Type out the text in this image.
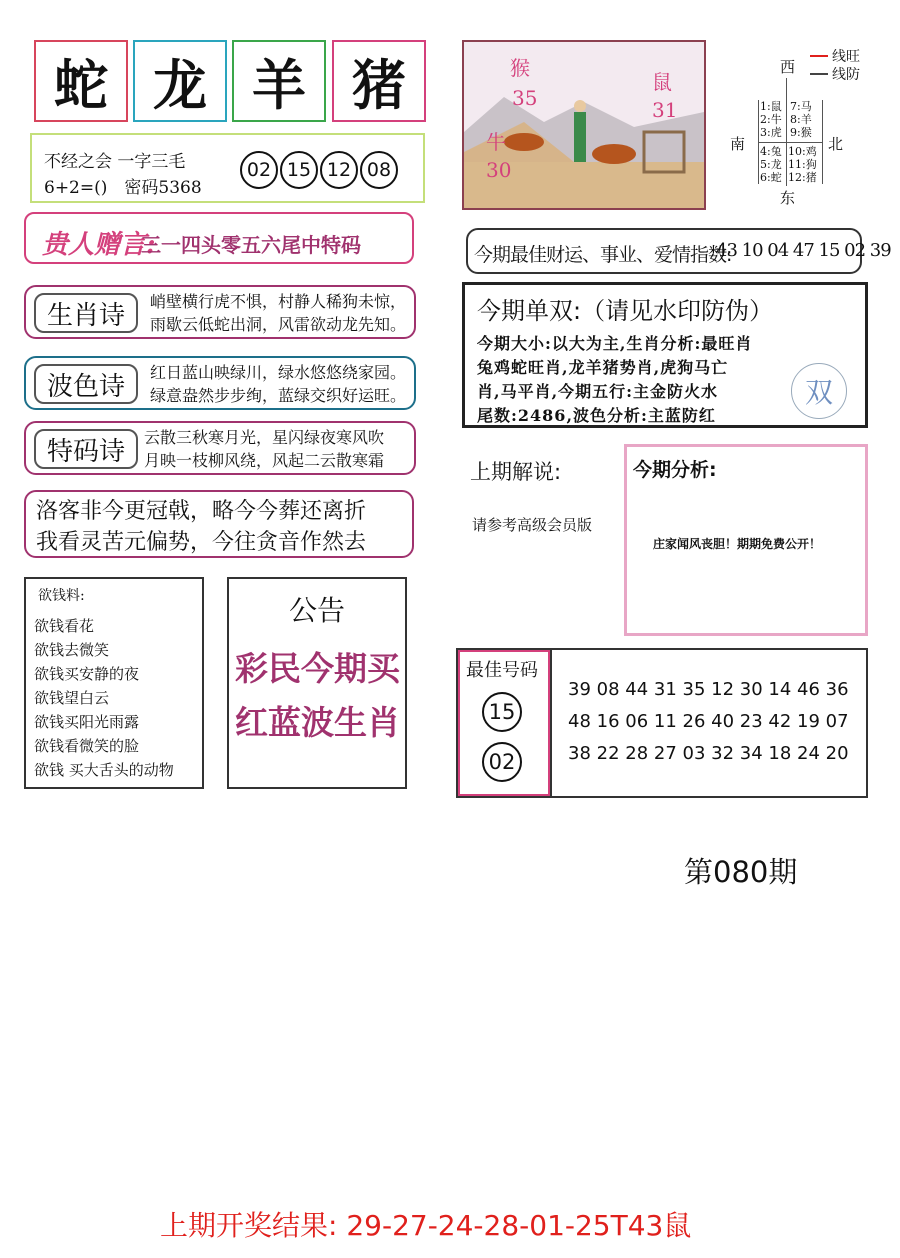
蛇 龙 羊 猪
不经之会 一字三毛
6+2=()　密码5368
02 15 12 08
贵人赠言:
三一四头零五六尾中特码
生肖诗	峭壁横行虎不惧，村静人稀狗未惊，
雨歇云低蛇出洞，风雷欲动龙先知。
波色诗	红日蓝山映绿川，绿水悠悠绕家园。
绿意盎然步步绚，蓝绿交织好运旺。
特码诗	云散三秋寒月光，星闪绿夜寒风吹
月映一枝柳风绕，风起二云散寒霜
洛客非今更冠戟，略今今葬还离折
我看灵苦元偏势，今往贪音作然去
欲钱料:
欲钱看花
欲钱去微笑
欲钱买安静的夜
欲钱望白云
欲钱买阳光雨露
欲钱看微笑的脸
欲钱 买大舌头的动物
公告
彩民今期买
红蓝波生肖
猴
35
鼠
31
牛
30
线旺
线防
西
南	北
东
1:鼠
2:牛
3:虎
7:马
8:羊
9:猴
4:兔
5:龙
6:蛇
10:鸡
11:狗
12:猪
今期最佳财运、事业、爱情指数:
43 10 04 47 15 02 39
今期单双:（请见水印防伪）
今期大小:以大为主,生肖分析:最旺肖
兔鸡蛇旺肖,龙羊猪势肖,虎狗马亡
肖,马平肖,今期五行:主金防火水
尾数:2486,波色分析:主蓝防红
双
上期解说:
请参考高级会员版
今期分析:
庄家闻风丧胆！期期免费公开！
最佳号码
15
02
39 08 44 31 35 12 30 14 46 36
48 16 06 11 26 40 23 42 19 07
38 22 28 27 03 32 34 18 24 20
第080期
上期开奖结果: 29-27-24-28-01-25T43鼠
